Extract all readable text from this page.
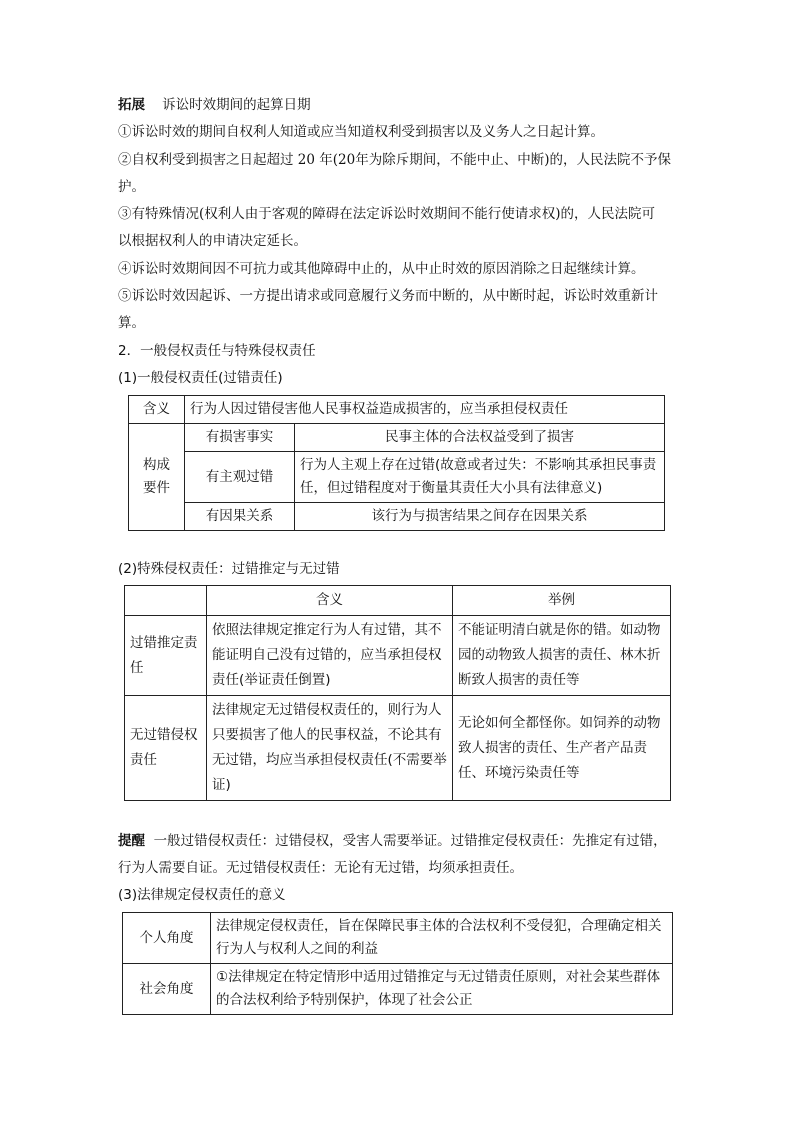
拓展 诉讼时效期间的起算日期
①诉讼时效的期间自权利人知道或应当知道权利受到损害以及义务人之日起计算。
②自权利受到损害之日起超过 20 年(20年为除斥期间，不能中止、中断)的，人民法院不予保
护。
③有特殊情况(权利人由于客观的障碍在法定诉讼时效期间不能行使请求权)的，人民法院可
以根据权利人的申请决定延长。
④诉讼时效期间因不可抗力或其他障碍中止的，从中止时效的原因消除之日起继续计算。
⑤诉讼时效因起诉、一方提出请求或同意履行义务而中断的，从中断时起，诉讼时效重新计
算。
2．一般侵权责任与特殊侵权责任
(1)一般侵权责任(过错责任)
含义	行为人因过错侵害他人民事权益造成损害的，应当承担侵权责任	
构成要件	有损害事实	民事主体的合法权益受到了损害
	有主观过错	行为人主观上存在过错(故意或者过失：不影响其承担民事责任，但过错程度对于衡量其责任大小具有法律意义)
	有因果关系	该行为与损害结果之间存在因果关系
(2)特殊侵权责任：过错推定与无过错
	含义	举例
过错推定责任	依照法律规定推定行为人有过错，其不能证明自己没有过错的，应当承担侵权责任(举证责任倒置)	不能证明清白就是你的错。如动物园的动物致人损害的责任、林木折断致人损害的责任等
无过错侵权责任	法律规定无过错侵权责任的，则行为人只要损害了他人的民事权益，不论其有无过错，均应当承担侵权责任(不需要举证)	无论如何全都怪你。如饲养的动物致人损害的责任、生产者产品责任、环境污染责任等
提醒 一般过错侵权责任：过错侵权，受害人需要举证。过错推定侵权责任：先推定有过错，
行为人需要自证。无过错侵权责任：无论有无过错，均须承担责任。
(3)法律规定侵权责任的意义
个人角度	法律规定侵权责任，旨在保障民事主体的合法权利不受侵犯，合理确定相关行为人与权利人之间的利益
社会角度	①法律规定在特定情形中适用过错推定与无过错责任原则，对社会某些群体的合法权利给予特别保护，体现了社会公正
